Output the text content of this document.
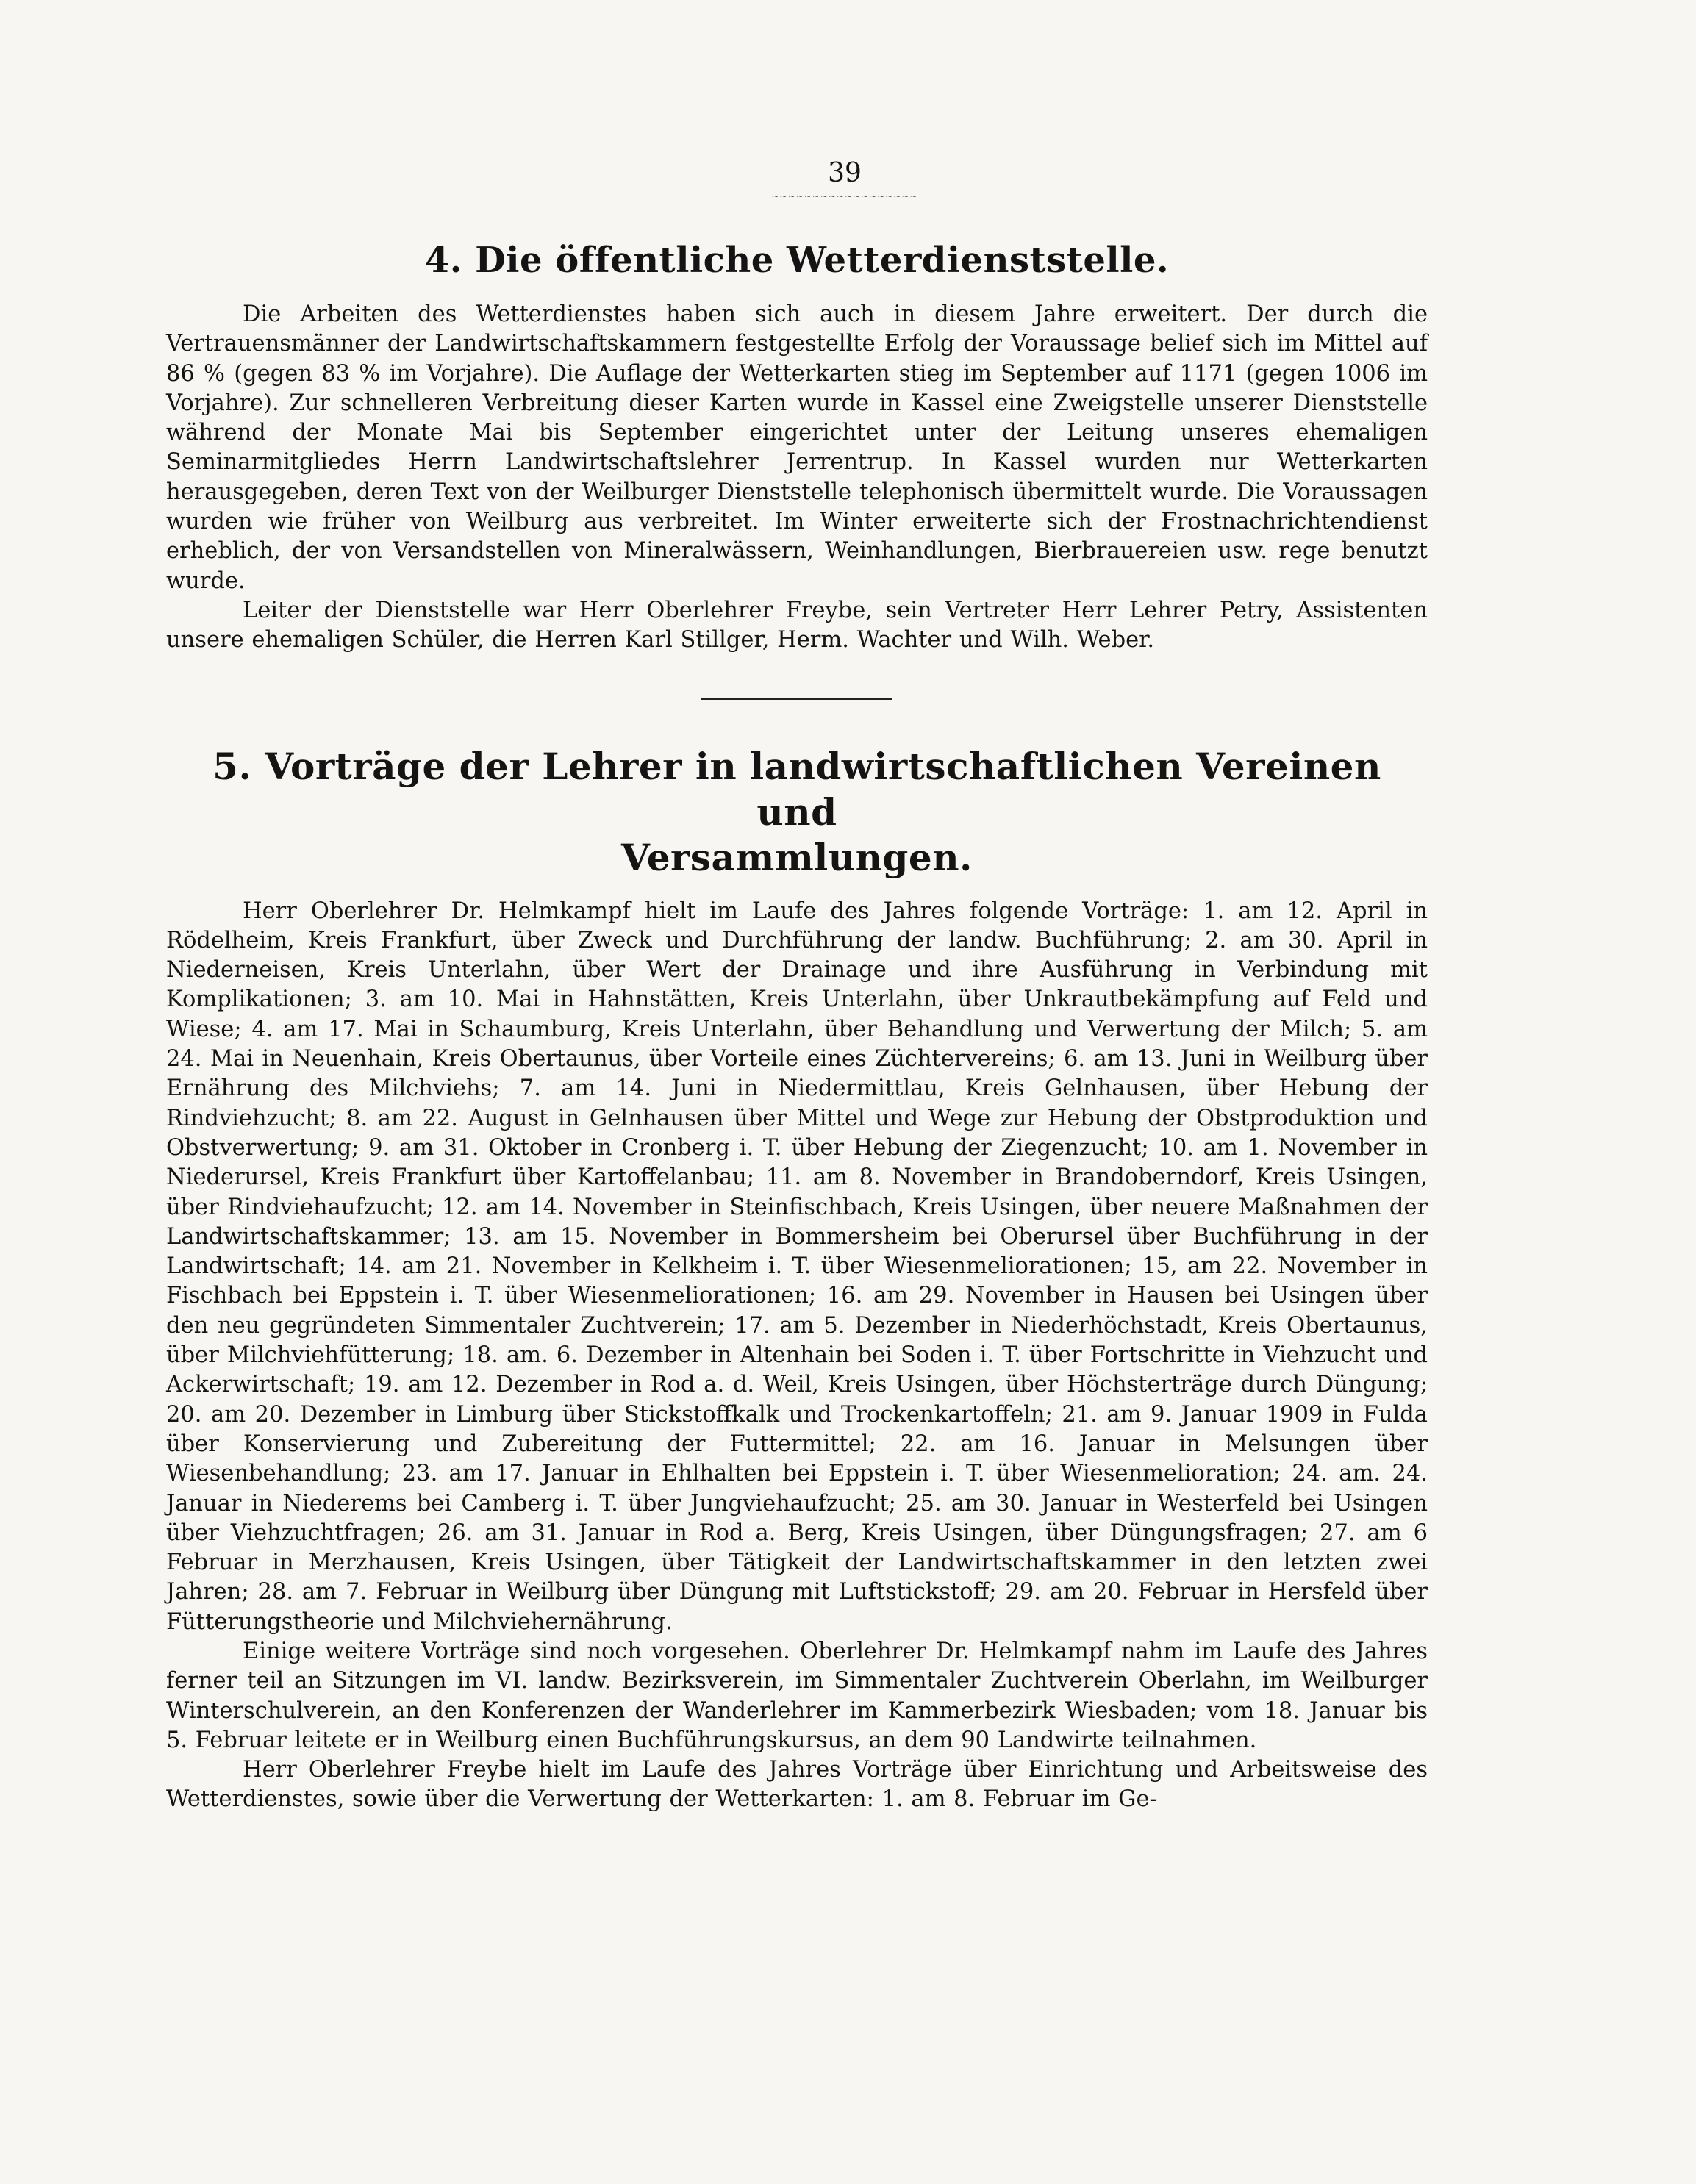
39
~~~~~~~~~~~~~~~~~~
4. Die öffentliche Wetterdienststelle.

Die Arbeiten des Wetterdienstes haben sich auch in diesem Jahre erweitert. Der durch die Vertrauensmänner der Landwirtschaftskammern festgestellte Erfolg der Voraussage belief sich im Mittel auf 86 % (gegen 83 % im Vorjahre). Die Auflage der Wetterkarten stieg im September auf 1171 (gegen 1006 im Vorjahre). Zur schnelleren Verbreitung dieser Karten wurde in Kassel eine Zweigstelle unserer Dienststelle während der Monate Mai bis September eingerichtet unter der Leitung unseres ehemaligen Seminarmitgliedes Herrn Landwirtschaftslehrer Jerrentrup. In Kassel wurden nur Wetterkarten herausgegeben, deren Text von der Weilburger Dienststelle telephonisch übermittelt wurde. Die Voraussagen wurden wie früher von Weilburg aus verbreitet. Im Winter erweiterte sich der Frostnachrichtendienst erheblich, der von Versandstellen von Mineralwässern, Weinhandlungen, Bierbrauereien usw. rege benutzt wurde.

Leiter der Dienststelle war Herr Oberlehrer Freybe, sein Vertreter Herr Lehrer Petry, Assistenten unsere ehemaligen Schüler, die Herren Karl Stillger, Herm. Wachter und Wilh. Weber.

5. Vorträge der Lehrer in landwirtschaftlichen Vereinen und
Versammlungen.

Herr Oberlehrer Dr. Helmkampf hielt im Laufe des Jahres folgende Vorträge: 1. am 12. April in Rödelheim, Kreis Frankfurt, über Zweck und Durchführung der landw. Buchführung; 2. am 30. April in Niederneisen, Kreis Unterlahn, über Wert der Drainage und ihre Ausführung in Verbindung mit Komplikationen; 3. am 10. Mai in Hahnstätten, Kreis Unterlahn, über Unkrautbekämpfung auf Feld und Wiese; 4. am 17. Mai in Schaumburg, Kreis Unterlahn, über Behandlung und Verwertung der Milch; 5. am 24. Mai in Neuenhain, Kreis Obertaunus, über Vorteile eines Züchtervereins; 6. am 13. Juni in Weilburg über Ernährung des Milchviehs; 7. am 14. Juni in Niedermittlau, Kreis Gelnhausen, über Hebung der Rindviehzucht; 8. am 22. August in Gelnhausen über Mittel und Wege zur Hebung der Obstproduktion und Obstverwertung; 9. am 31. Oktober in Cronberg i. T. über Hebung der Ziegenzucht; 10. am 1. November in Niederursel, Kreis Frankfurt über Kartoffelanbau; 11. am 8. November in Brandoberndorf, Kreis Usingen, über Rindviehaufzucht; 12. am 14. November in Steinfischbach, Kreis Usingen, über neuere Maßnahmen der Landwirtschaftskammer; 13. am 15. November in Bommersheim bei Oberursel über Buchführung in der Landwirtschaft; 14. am 21. November in Kelkheim i. T. über Wiesenmeliorationen; 15, am 22. November in Fischbach bei Eppstein i. T. über Wiesenmeliorationen; 16. am 29. November in Hausen bei Usingen über den neu gegründeten Simmentaler Zuchtverein; 17. am 5. Dezember in Niederhöchstadt, Kreis Obertaunus, über Milchviehfütterung; 18. am. 6. Dezember in Altenhain bei Soden i. T. über Fortschritte in Viehzucht und Ackerwirtschaft; 19. am 12. Dezember in Rod a. d. Weil, Kreis Usingen, über Höchsterträge durch Düngung; 20. am 20. Dezember in Limburg über Stickstoffkalk und Trockenkartoffeln; 21. am 9. Januar 1909 in Fulda über Konservierung und Zubereitung der Futtermittel; 22. am 16. Januar in Melsungen über Wiesenbehandlung; 23. am 17. Januar in Ehlhalten bei Eppstein i. T. über Wiesenmelioration; 24. am. 24. Januar in Niederems bei Camberg i. T. über Jungviehaufzucht; 25. am 30. Januar in Westerfeld bei Usingen über Viehzuchtfragen; 26. am 31. Januar in Rod a. Berg, Kreis Usingen, über Düngungsfragen; 27. am 6 Februar in Merzhausen, Kreis Usingen, über Tätigkeit der Landwirtschaftskammer in den letzten zwei Jahren; 28. am 7. Februar in Weilburg über Düngung mit Luftstickstoff; 29. am 20. Februar in Hersfeld über Fütterungstheorie und Milchviehernährung.

Einige weitere Vorträge sind noch vorgesehen. Oberlehrer Dr. Helmkampf nahm im Laufe des Jahres ferner teil an Sitzungen im VI. landw. Bezirksverein, im Simmentaler Zuchtverein Oberlahn, im Weilburger Winterschulverein, an den Konferenzen der Wanderlehrer im Kammerbezirk Wiesbaden; vom 18. Januar bis 5. Februar leitete er in Weilburg einen Buchführungskursus, an dem 90 Landwirte teilnahmen.

Herr Oberlehrer Freybe hielt im Laufe des Jahres Vorträge über Einrichtung und Arbeitsweise des Wetterdienstes, sowie über die Verwertung der Wetterkarten: 1. am 8. Februar im Ge-
